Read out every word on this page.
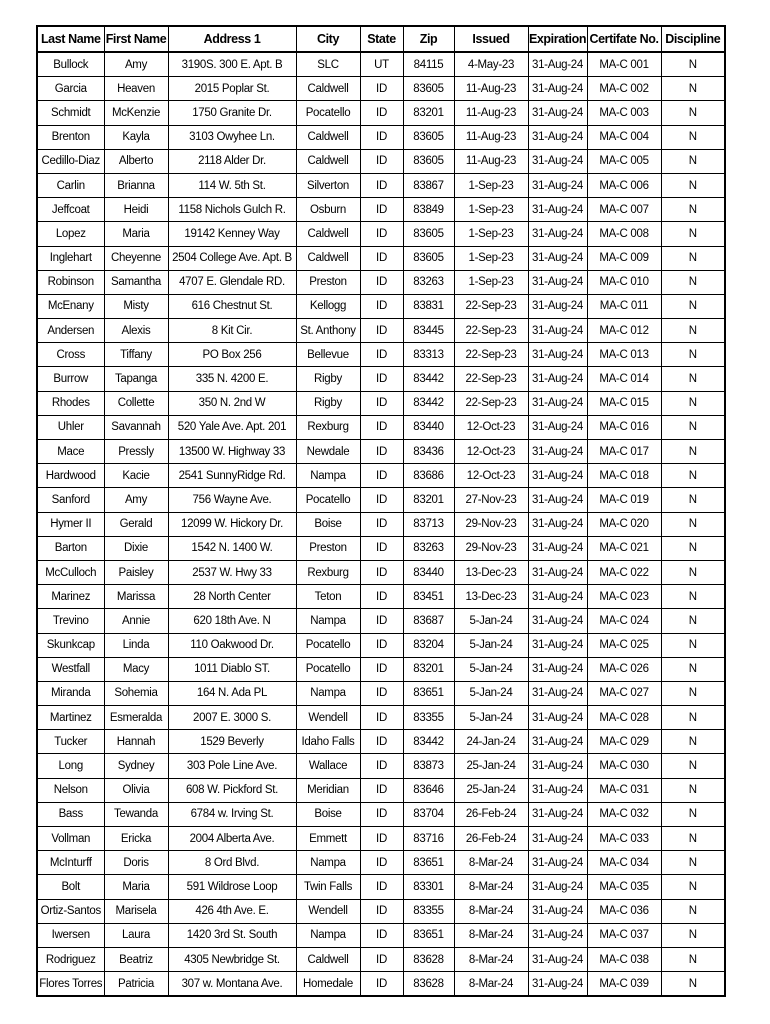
Last Name	First Name	Address 1	City	State	Zip	Issued	Expiration	Certifate No.	Discipline
Bullock	Amy	3190S. 300 E. Apt. B	SLC	UT	84115	4-May-23	31-Aug-24	MA-C 001	N
Garcia	Heaven	2015 Poplar St.	Caldwell	ID	83605	11-Aug-23	31-Aug-24	MA-C 002	N
Schmidt	McKenzie	1750 Granite Dr.	Pocatello	ID	83201	11-Aug-23	31-Aug-24	MA-C 003	N
Brenton	Kayla	3103 Owyhee Ln.	Caldwell	ID	83605	11-Aug-23	31-Aug-24	MA-C 004	N
Cedillo-Diaz	Alberto	2118 Alder Dr.	Caldwell	ID	83605	11-Aug-23	31-Aug-24	MA-C 005	N
Carlin	Brianna	114 W. 5th St.	Silverton	ID	83867	1-Sep-23	31-Aug-24	MA-C 006	N
Jeffcoat	Heidi	1158 Nichols Gulch R.	Osburn	ID	83849	1-Sep-23	31-Aug-24	MA-C 007	N
Lopez	Maria	19142 Kenney Way	Caldwell	ID	83605	1-Sep-23	31-Aug-24	MA-C 008	N
Inglehart	Cheyenne	2504 College Ave. Apt. B	Caldwell	ID	83605	1-Sep-23	31-Aug-24	MA-C 009	N
Robinson	Samantha	4707 E. Glendale RD.	Preston	ID	83263	1-Sep-23	31-Aug-24	MA-C 010	N
McEnany	Misty	616 Chestnut St.	Kellogg	ID	83831	22-Sep-23	31-Aug-24	MA-C 011	N
Andersen	Alexis	8 Kit Cir.	St. Anthony	ID	83445	22-Sep-23	31-Aug-24	MA-C 012	N
Cross	Tiffany	PO Box 256	Bellevue	ID	83313	22-Sep-23	31-Aug-24	MA-C 013	N
Burrow	Tapanga	335 N. 4200 E.	Rigby	ID	83442	22-Sep-23	31-Aug-24	MA-C 014	N
Rhodes	Collette	350 N. 2nd W	Rigby	ID	83442	22-Sep-23	31-Aug-24	MA-C 015	N
Uhler	Savannah	520 Yale Ave. Apt. 201	Rexburg	ID	83440	12-Oct-23	31-Aug-24	MA-C 016	N
Mace	Pressly	13500 W. Highway 33	Newdale	ID	83436	12-Oct-23	31-Aug-24	MA-C 017	N
Hardwood	Kacie	2541 SunnyRidge Rd.	Nampa	ID	83686	12-Oct-23	31-Aug-24	MA-C 018	N
Sanford	Amy	756 Wayne Ave.	Pocatello	ID	83201	27-Nov-23	31-Aug-24	MA-C 019	N
Hymer II	Gerald	12099 W. Hickory Dr.	Boise	ID	83713	29-Nov-23	31-Aug-24	MA-C 020	N
Barton	Dixie	1542 N. 1400 W.	Preston	ID	83263	29-Nov-23	31-Aug-24	MA-C 021	N
McCulloch	Paisley	2537 W. Hwy 33	Rexburg	ID	83440	13-Dec-23	31-Aug-24	MA-C 022	N
Marinez	Marissa	28 North Center	Teton	ID	83451	13-Dec-23	31-Aug-24	MA-C 023	N
Trevino	Annie	620 18th Ave. N	Nampa	ID	83687	5-Jan-24	31-Aug-24	MA-C 024	N
Skunkcap	Linda	110 Oakwood Dr.	Pocatello	ID	83204	5-Jan-24	31-Aug-24	MA-C 025	N
Westfall	Macy	1011 Diablo ST.	Pocatello	ID	83201	5-Jan-24	31-Aug-24	MA-C 026	N
Miranda	Sohemia	164 N. Ada PL	Nampa	ID	83651	5-Jan-24	31-Aug-24	MA-C 027	N
Martinez	Esmeralda	2007 E. 3000 S.	Wendell	ID	83355	5-Jan-24	31-Aug-24	MA-C 028	N
Tucker	Hannah	1529 Beverly	Idaho Falls	ID	83442	24-Jan-24	31-Aug-24	MA-C 029	N
Long	Sydney	303 Pole Line Ave.	Wallace	ID	83873	25-Jan-24	31-Aug-24	MA-C 030	N
Nelson	Olivia	608 W. Pickford St.	Meridian	ID	83646	25-Jan-24	31-Aug-24	MA-C 031	N
Bass	Tewanda	6784 w. Irving St.	Boise	ID	83704	26-Feb-24	31-Aug-24	MA-C 032	N
Vollman	Ericka	2004 Alberta Ave.	Emmett	ID	83716	26-Feb-24	31-Aug-24	MA-C 033	N
McInturff	Doris	8 Ord Blvd.	Nampa	ID	83651	8-Mar-24	31-Aug-24	MA-C 034	N
Bolt	Maria	591 Wildrose Loop	Twin Falls	ID	83301	8-Mar-24	31-Aug-24	MA-C 035	N
Ortiz-Santos	Marisela	426 4th Ave. E.	Wendell	ID	83355	8-Mar-24	31-Aug-24	MA-C 036	N
Iwersen	Laura	1420 3rd St. South	Nampa	ID	83651	8-Mar-24	31-Aug-24	MA-C 037	N
Rodriguez	Beatriz	4305 Newbridge St.	Caldwell	ID	83628	8-Mar-24	31-Aug-24	MA-C 038	N
Flores Torres	Patricia	307 w. Montana Ave.	Homedale	ID	83628	8-Mar-24	31-Aug-24	MA-C 039	N
